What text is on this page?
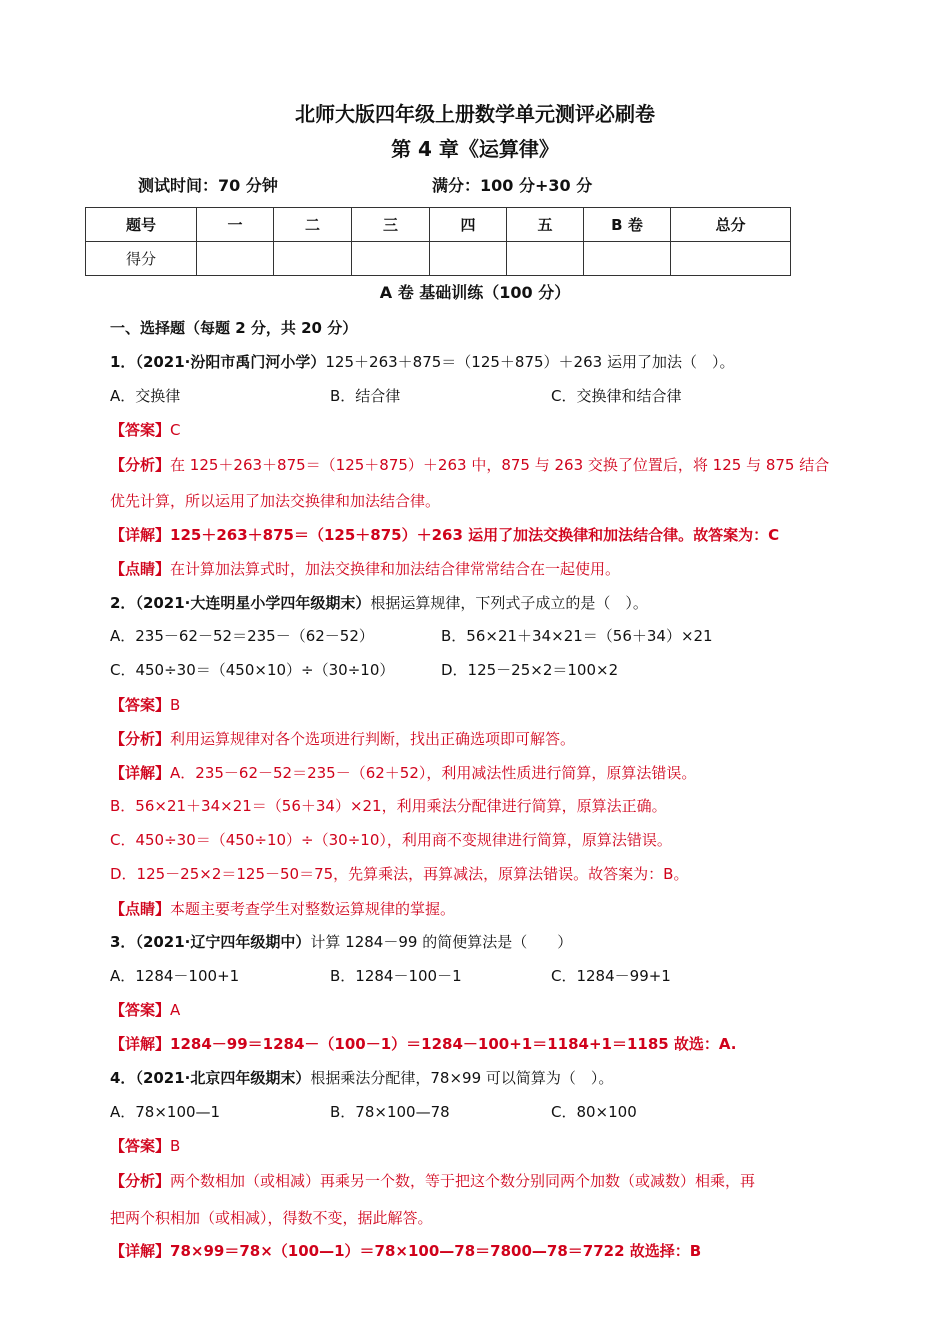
北师大版四年级上册数学单元测评必刷卷
第 4 章《运算律》
测试时间：70 分钟	满分：100 分+30 分
题号	一	二	三	四	五	B 卷	总分
得分							
A 卷 基础训练（100 分）
一、选择题（每题 2 分，共 20 分）
1．（2021·汾阳市禹门河小学）125＋263＋875＝（125＋875）＋263 运用了加法（　）。
A．交换律	B．结合律	C．交换律和结合律
【答案】C
【分析】在 125＋263＋875＝（125＋875）＋263 中，875 与 263 交换了位置后，将 125 与 875 结合
优先计算，所以运用了加法交换律和加法结合律。
【详解】125＋263＋875＝（125＋875）＋263 运用了加法交换律和加法结合律。故答案为：C
【点睛】在计算加法算式时，加法交换律和加法结合律常常结合在一起使用。
2．（2021·大连明星小学四年级期末）根据运算规律，下列式子成立的是（　）。
A．235－62－52＝235－（62－52）	B．56×21＋34×21＝（56＋34）×21
C．450÷30＝（450×10）÷（30÷10）	D．125－25×2＝100×2
【答案】B
【分析】利用运算规律对各个选项进行判断，找出正确选项即可解答。
【详解】A．235－62－52＝235－（62＋52），利用减法性质进行简算，原算法错误。
B．56×21＋34×21＝（56＋34）×21，利用乘法分配律进行简算，原算法正确。
C．450÷30＝（450÷10）÷（30÷10），利用商不变规律进行简算，原算法错误。
D．125－25×2＝125－50＝75，先算乘法，再算减法，原算法错误。故答案为：B。
【点睛】本题主要考查学生对整数运算规律的掌握。
3．（2021·辽宁四年级期中）计算 1284－99 的简便算法是（　　）
A．1284－100+1	B．1284－100－1	C．1284－99+1
【答案】A
【详解】1284－99＝1284－（100－1）＝1284－100+1＝1184+1＝1185 故选：A.
4．（2021·北京四年级期末）根据乘法分配律，78×99 可以简算为（　）。
A．78×100—1	B．78×100—78	C．80×100
【答案】B
【分析】两个数相加（或相减）再乘另一个数，等于把这个数分别同两个加数（或减数）相乘，再
把两个积相加（或相减），得数不变，据此解答。
【详解】78×99＝78×（100—1）＝78×100—78＝7800—78＝7722 故选择：B
